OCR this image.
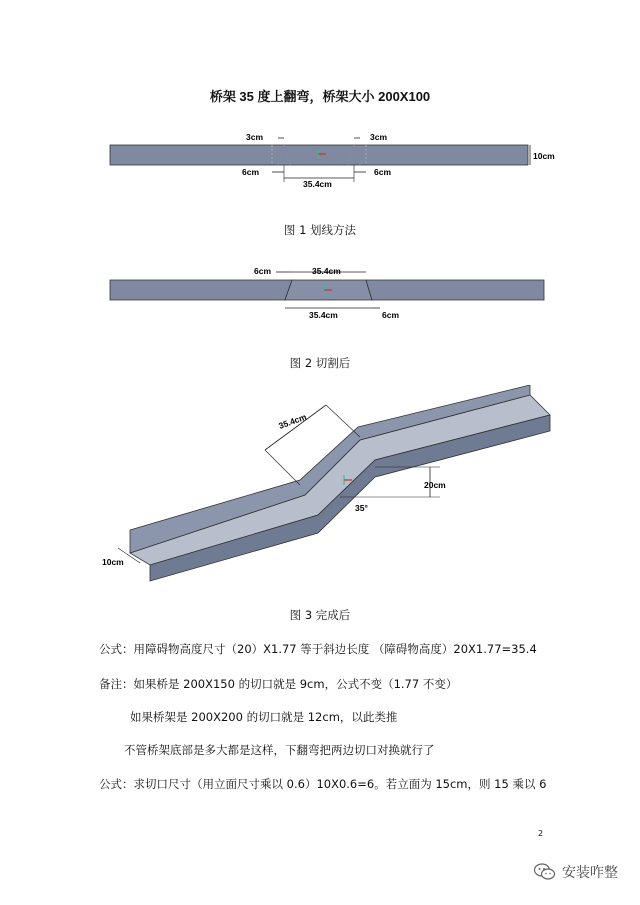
桥架 35 度上翻弯，桥架大小 200X100
3cm	3cm
6cm	6cm
35.4cm
10cm
图 1 划线方法
6cm	35.4cm
35.4cm	6cm
图 2 切割后
35.4cm
20cm
35°
10cm
图 3 完成后
公式：用障碍物高度尺寸（20）X1.77 等于斜边长度 （障碍物高度）20X1.77=35.4
备注：如果桥是 200X150 的切口就是 9cm，公式不变（1.77 不变）
如果桥架是 200X200 的切口就是 12cm，以此类推
不管桥架底部是多大都是这样，下翻弯把两边切口对换就行了
公式：求切口尺寸（用立面尺寸乘以 0.6）10X0.6=6。若立面为 15cm，则 15 乘以 6
2
安装咋整
